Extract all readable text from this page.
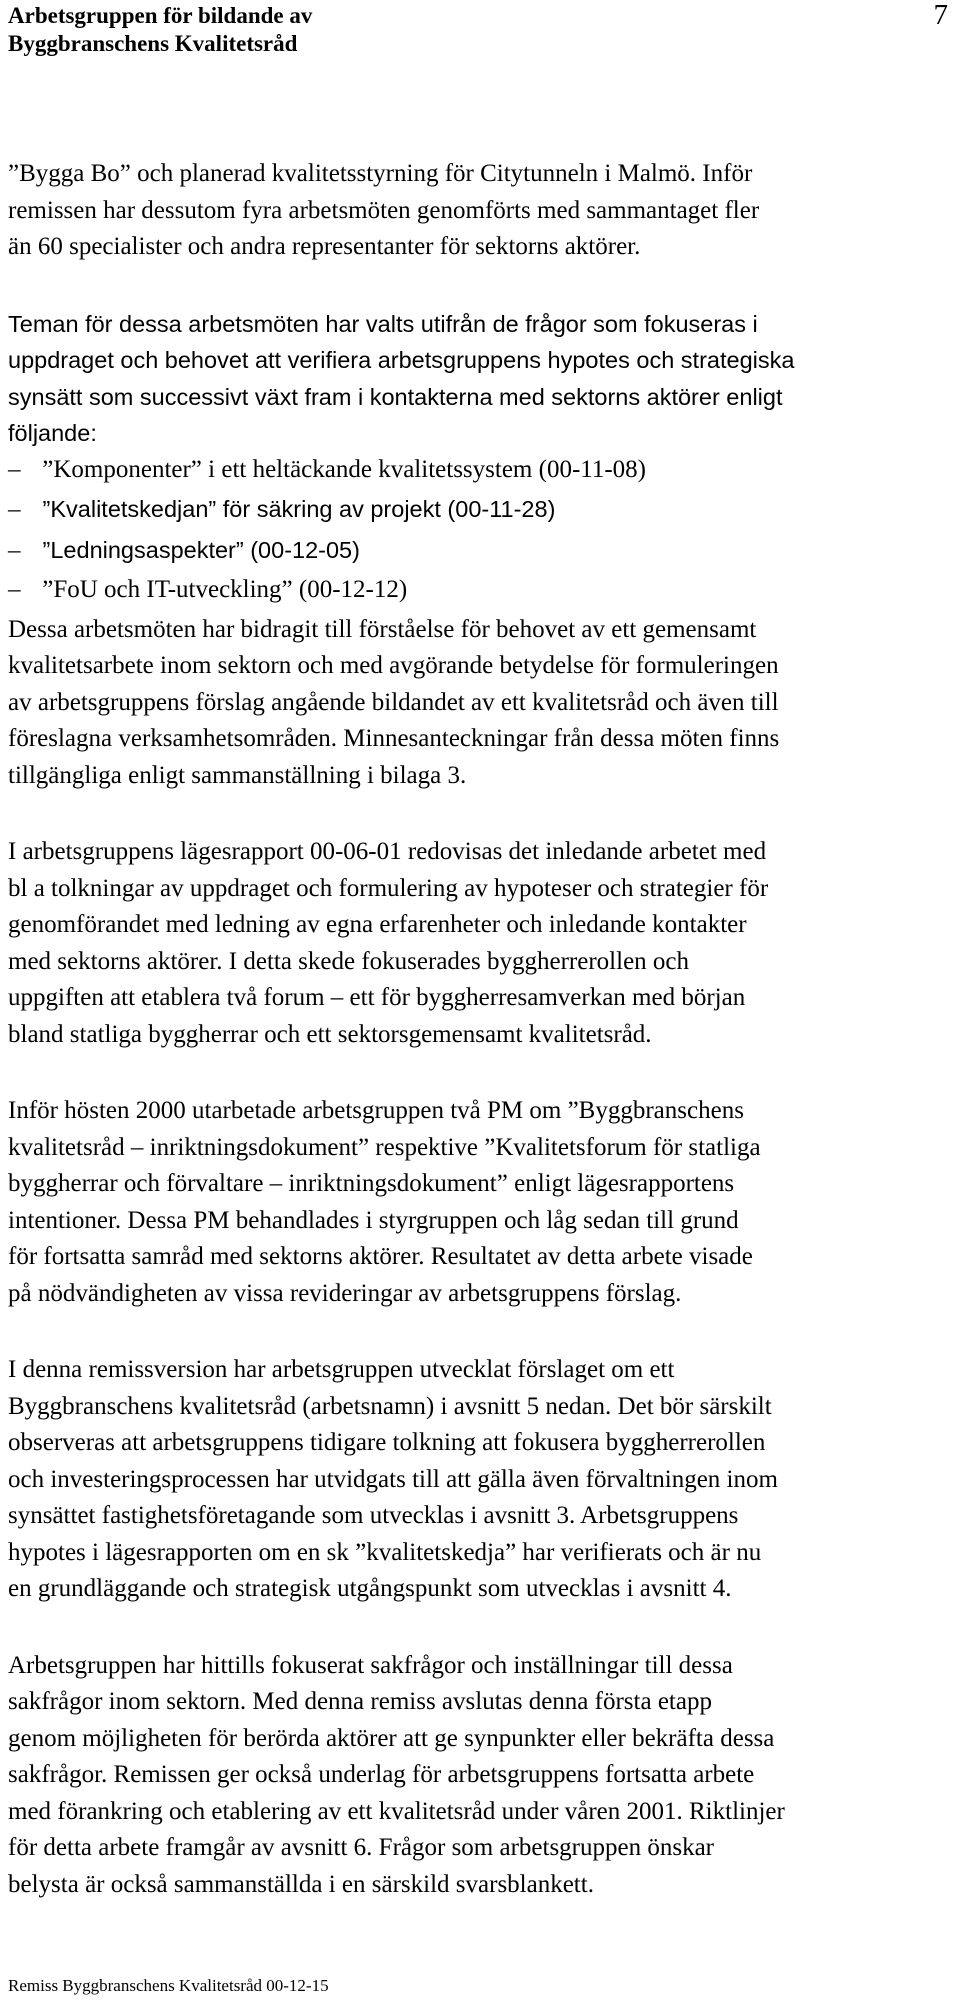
Arbetsgruppen för bildande av
Byggbranschens Kvalitetsråd
7
”Bygga Bo” och planerad kvalitetsstyrning för Citytunneln i Malmö. Inför
remissen har dessutom fyra arbetsmöten genomförts med sammantaget fler
än 60 specialister och andra representanter för sektorns aktörer.
Teman för dessa arbetsmöten har valts utifrån de frågor som fokuseras i
uppdraget och behovet att verifiera arbetsgruppens hypotes och strategiska
synsätt som successivt växt fram i kontakterna med sektorns aktörer enligt
följande:
– ”Komponenter” i ett heltäckande kvalitetssystem (00-11-08)
– ”Kvalitetskedjan” för säkring av projekt (00-11-28)
– ”Ledningsaspekter” (00-12-05)
– ”FoU och IT-utveckling” (00-12-12)
Dessa arbetsmöten har bidragit till förståelse för behovet av ett gemensamt
kvalitetsarbete inom sektorn och med avgörande betydelse för formuleringen
av arbetsgruppens förslag angående bildandet av ett kvalitetsråd och även till
föreslagna verksamhetsområden. Minnesanteckningar från dessa möten finns
tillgängliga enligt sammanställning i bilaga 3.
I arbetsgruppens lägesrapport 00-06-01 redovisas det inledande arbetet med
bl a tolkningar av uppdraget och formulering av hypoteser och strategier för
genomförandet med ledning av egna erfarenheter och inledande kontakter
med sektorns aktörer. I detta skede fokuserades byggherrerollen och
uppgiften att etablera två forum – ett för byggherresamverkan med början
bland statliga byggherrar och ett sektorsgemensamt kvalitetsråd.
Inför hösten 2000 utarbetade arbetsgruppen två PM om ”Byggbranschens
kvalitetsråd – inriktningsdokument” respektive ”Kvalitetsforum för statliga
byggherrar och förvaltare – inriktningsdokument” enligt lägesrapportens
intentioner. Dessa PM behandlades i styrgruppen och låg sedan till grund
för fortsatta samråd med sektorns aktörer. Resultatet av detta arbete visade
på nödvändigheten av vissa revideringar av arbetsgruppens förslag.
I denna remissversion har arbetsgruppen utvecklat förslaget om ett
Byggbranschens kvalitetsråd (arbetsnamn) i avsnitt 5 nedan. Det bör särskilt
observeras att arbetsgruppens tidigare tolkning att fokusera byggherrerollen
och investeringsprocessen har utvidgats till att gälla även förvaltningen inom
synsättet fastighetsföretagande som utvecklas i avsnitt 3. Arbetsgruppens
hypotes i lägesrapporten om en sk ”kvalitetskedja” har verifierats och är nu
en grundläggande och strategisk utgångspunkt som utvecklas i avsnitt 4.
Arbetsgruppen har hittills fokuserat sakfrågor och inställningar till dessa
sakfrågor inom sektorn. Med denna remiss avslutas denna första etapp
genom möjligheten för berörda aktörer att ge synpunkter eller bekräfta dessa
sakfrågor. Remissen ger också underlag för arbetsgruppens fortsatta arbete
med förankring och etablering av ett kvalitetsråd under våren 2001. Riktlinjer
för detta arbete framgår av avsnitt 6. Frågor som arbetsgruppen önskar
belysta är också sammanställda i en särskild svarsblankett.
Remiss Byggbranschens Kvalitetsråd 00-12-15
